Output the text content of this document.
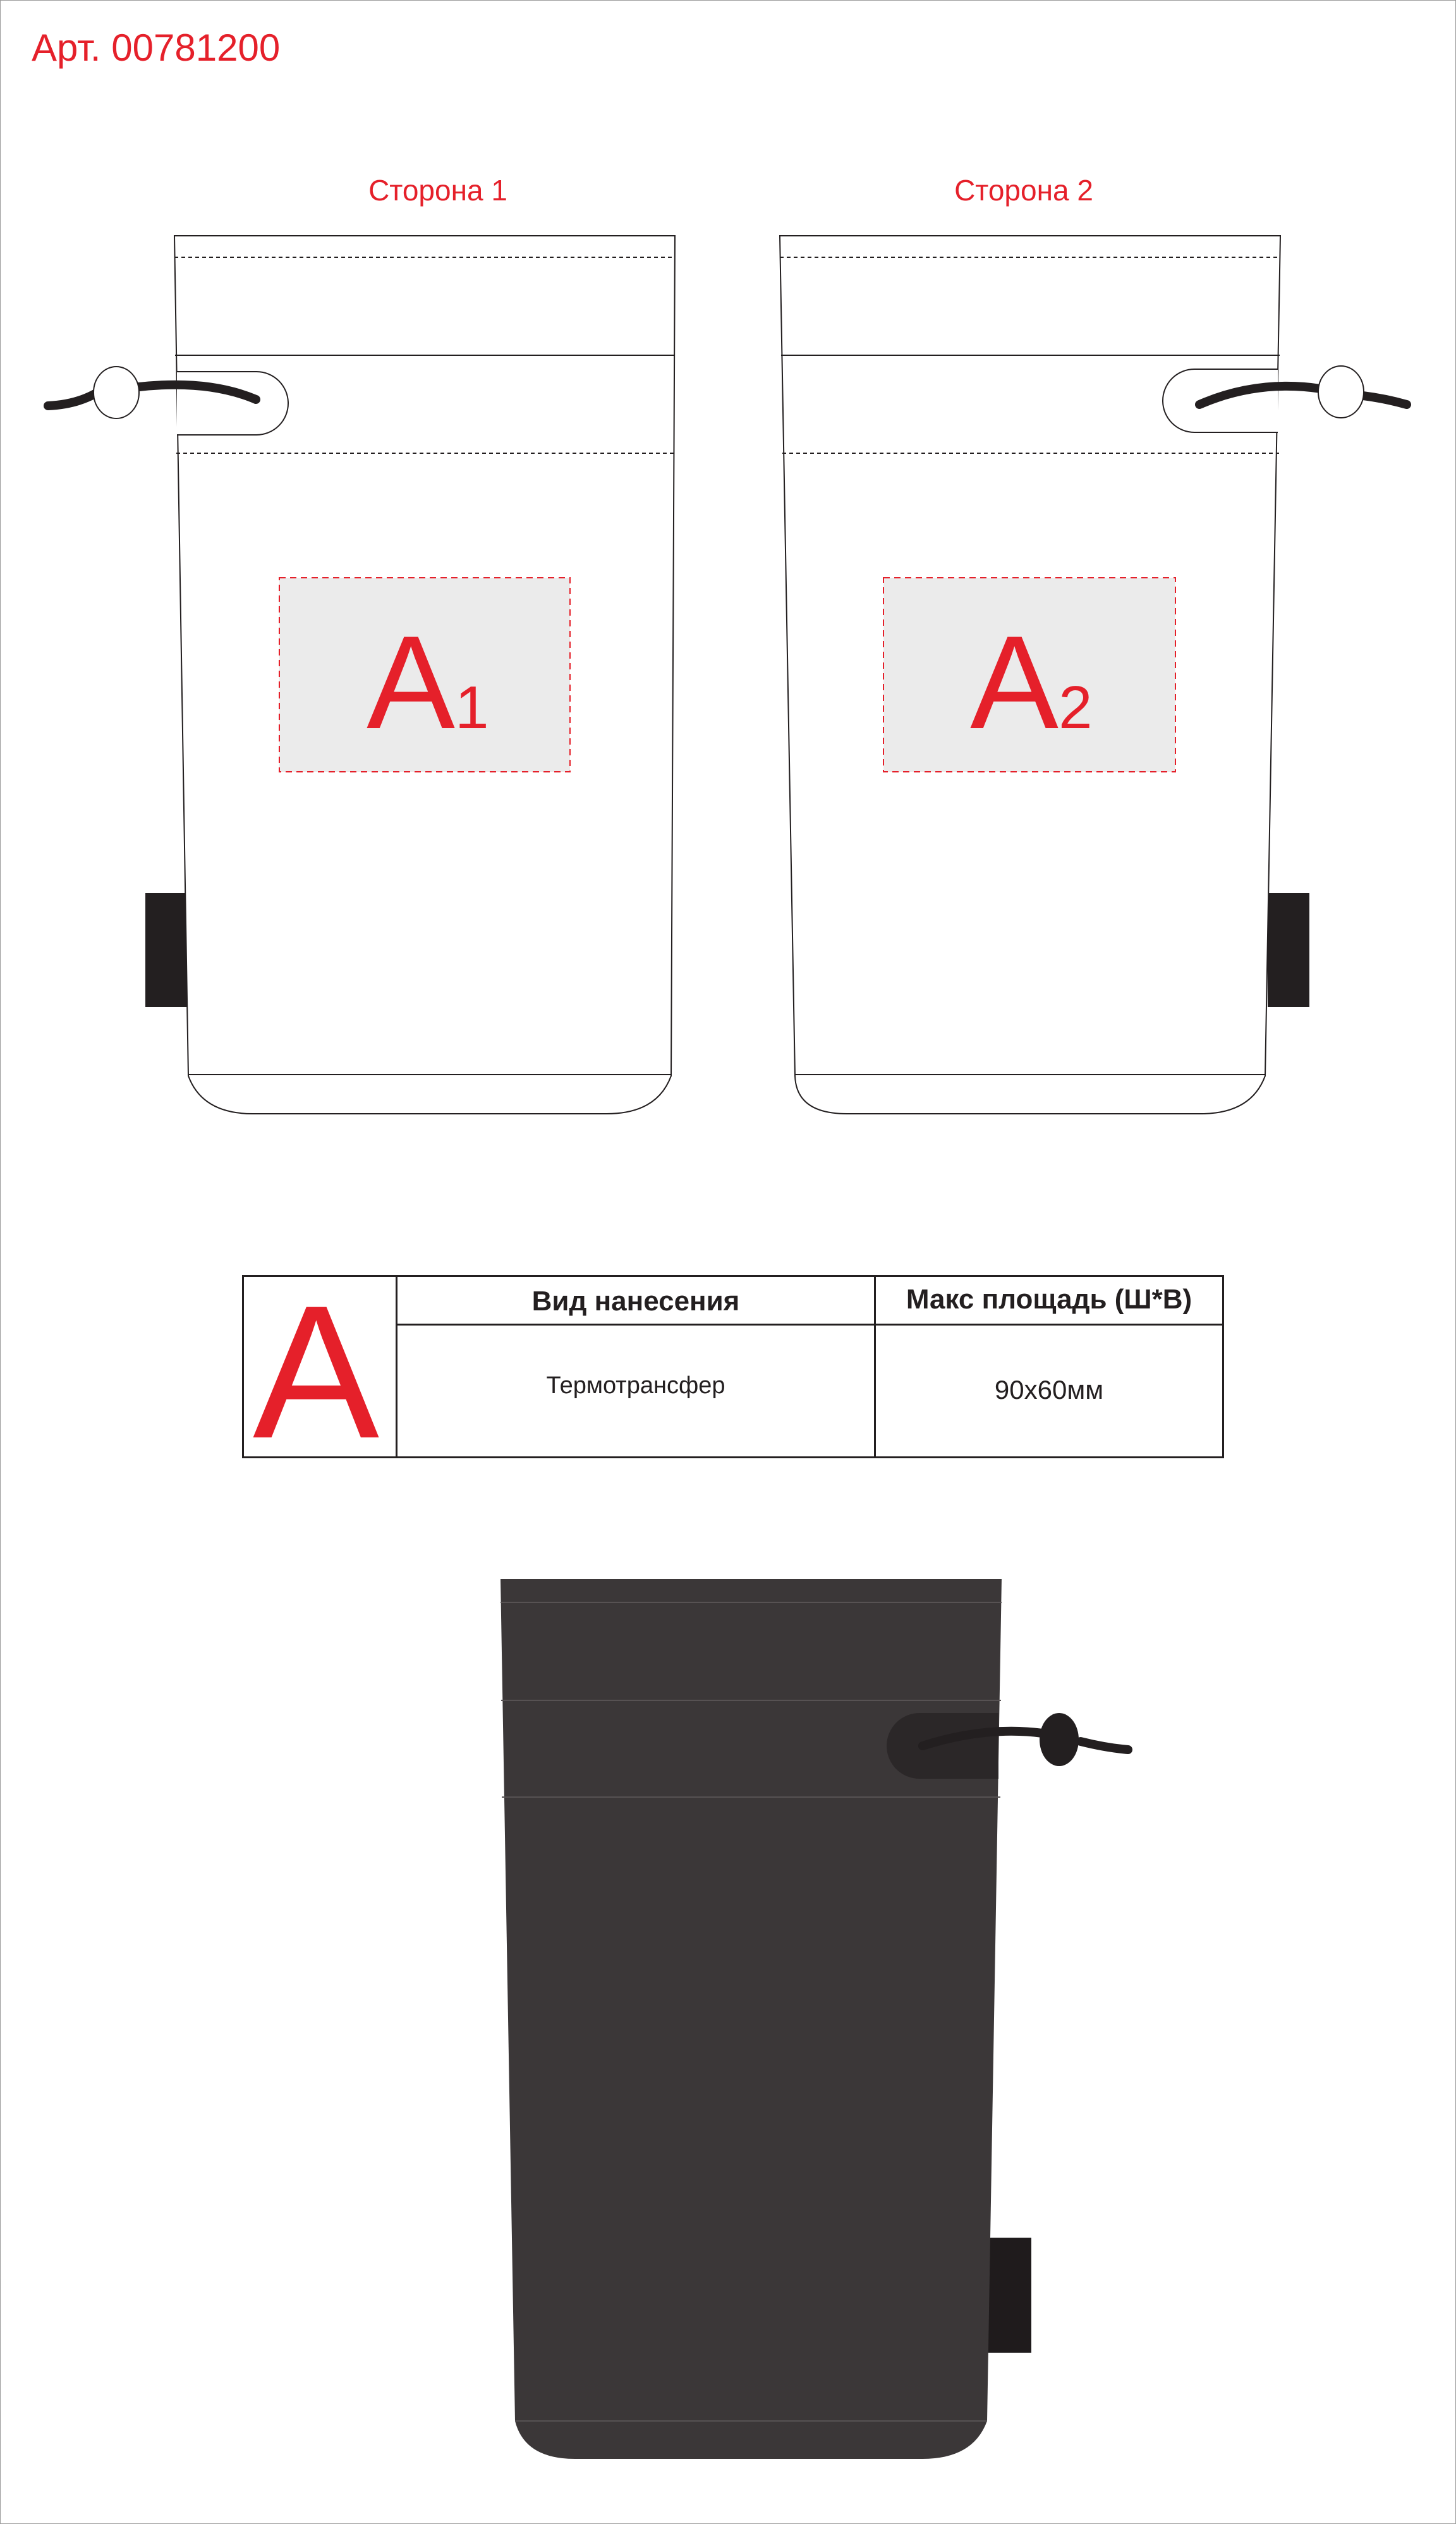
Арт. 00781200
Сторона 1	Сторона 2
A1	A2
A	Вид нанесения	Макс площадь (Ш*В)
Термотрансфер	90х60мм
